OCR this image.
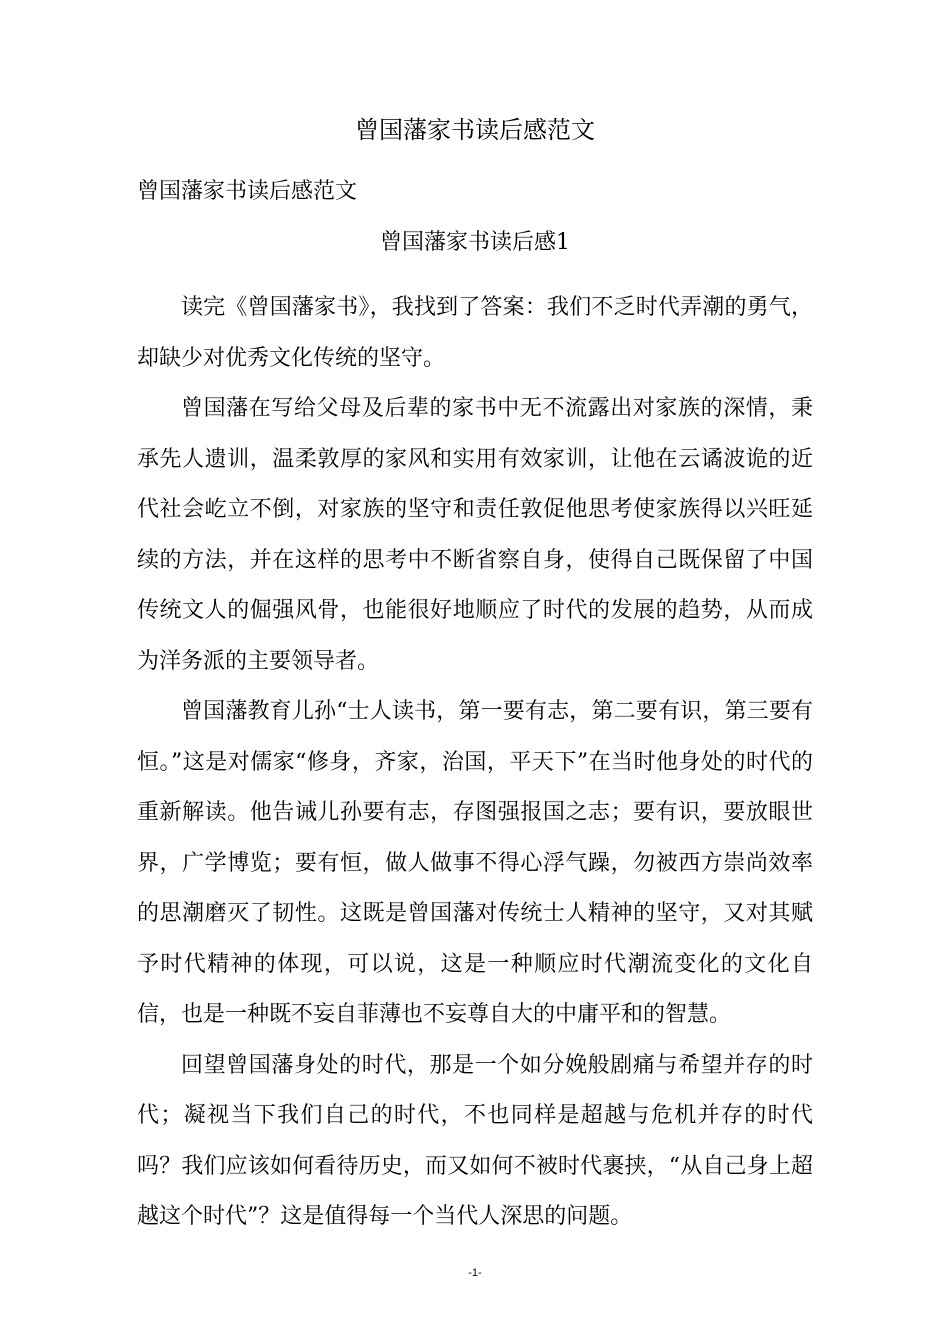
曾国藩家书读后感范文
曾国藩家书读后感范文
曾国藩家书读后感1

读完《曾国藩家书》，我找到了答案：我们不乏时代弄潮的勇气，却缺少对优秀文化传统的坚守。

曾国藩在写给父母及后辈的家书中无不流露出对家族的深情，秉承先人遗训，温柔敦厚的家风和实用有效家训，让他在云谲波诡的近代社会屹立不倒，对家族的坚守和责任敦促他思考使家族得以兴旺延续的方法，并在这样的思考中不断省察自身，使得自己既保留了中国传统文人的倔强风骨，也能很好地顺应了时代的发展的趋势，从而成为洋务派的主要领导者。

曾国藩教育儿孙“士人读书，第一要有志，第二要有识，第三要有恒。”这是对儒家“修身，齐家，治国，平天下”在当时他身处的时代的重新解读。他告诫儿孙要有志，存图强报国之志；要有识，要放眼世界，广学博览；要有恒，做人做事不得心浮气躁，勿被西方崇尚效率的思潮磨灭了韧性。这既是曾国藩对传统士人精神的坚守，又对其赋予时代精神的体现，可以说，这是一种顺应时代潮流变化的文化自信，也是一种既不妄自菲薄也不妄尊自大的中庸平和的智慧。

回望曾国藩身处的时代，那是一个如分娩般剧痛与希望并存的时代；凝视当下我们自己的时代，不也同样是超越与危机并存的时代吗？我们应该如何看待历史，而又如何不被时代裹挟，“从自己身上超越这个时代”？这是值得每一个当代人深思的问题。

-1-
